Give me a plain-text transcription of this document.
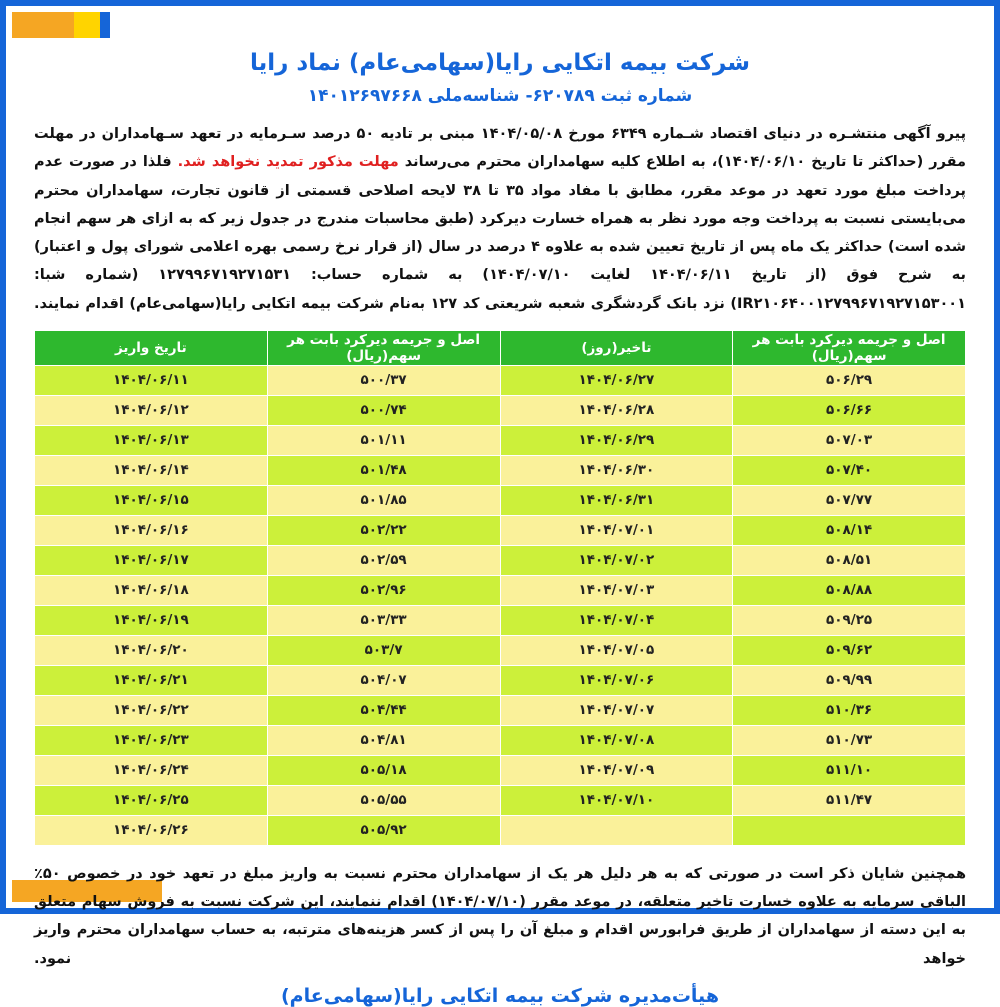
شرکت بیمه اتکایی رایا(سهامی‌عام) نماد رایا
شماره ثبت ۶۲۰۷۸۹- شناسه‌ملی ۱۴۰۱۲۶۹۷۶۶۸
پیرو آگهی منتشـره در دنیای اقتصاد شـماره ۶۳۴۹ مورخ ۱۴۰۴/۰۵/۰۸ مبنی بر تادیه ۵۰ درصد سـرمایه در تعهد سـهامداران در مهلت مقرر (حداکثر تا تاریخ ۱۴۰۴/۰۶/۱۰)، به اطلاع کلیه سهامداران محترم می‌رساند مهلت مذکور تمدید نخواهد شد. فلذا در صورت عدم پرداخت مبلغ مورد تعهد در موعد مقرر، مطابق با مفاد مواد ۳۵ تا ۳۸ لایحه اصلاحی قسمتی از قانون تجارت، سهامداران محترم می‌بایستی نسبت به پرداخت وجه مورد نظر به همراه خسارت دیرکرد (طبق محاسبات مندرج در جدول زیر که به ازای هر سهم انجام شده است) حداکثر یک ماه پس از تاریخ تعیین شده به علاوه ۴ درصد در سال (از قرار نرخ رسمی بهره اعلامی شورای پول و اعتبار) به شرح فوق (از تاریخ ۱۴۰۴/۰۶/۱۱ لغایت ۱۴۰۴/۰۷/۱۰) به شماره حساب: ۱۲۷۹۹۶۷۱۹۲۷۱۵۳۱ (شماره شبا: IR۲۱۰۶۴۰۰۱۲۷۹۹۶۷۱۹۲۷۱۵۳۰۰۱) نزد بانک گردشگری شعبه شریعتی کد ۱۲۷ به‌نام شرکت بیمه اتکایی رایا(سهامی‌عام) اقدام نمایند.
اصل و جریمه دیرکرد بابت هر سهم(ریال)	تاخیر(روز)	اصل و جریمه دیرکرد بابت هر سهم(ریال)	تاریخ واریز
۵۰۶/۲۹	۱۴۰۴/۰۶/۲۷	۵۰۰/۳۷	۱۴۰۴/۰۶/۱۱
۵۰۶/۶۶	۱۴۰۴/۰۶/۲۸	۵۰۰/۷۴	۱۴۰۴/۰۶/۱۲
۵۰۷/۰۳	۱۴۰۴/۰۶/۲۹	۵۰۱/۱۱	۱۴۰۴/۰۶/۱۳
۵۰۷/۴۰	۱۴۰۴/۰۶/۳۰	۵۰۱/۴۸	۱۴۰۴/۰۶/۱۴
۵۰۷/۷۷	۱۴۰۴/۰۶/۳۱	۵۰۱/۸۵	۱۴۰۴/۰۶/۱۵
۵۰۸/۱۴	۱۴۰۴/۰۷/۰۱	۵۰۲/۲۲	۱۴۰۴/۰۶/۱۶
۵۰۸/۵۱	۱۴۰۴/۰۷/۰۲	۵۰۲/۵۹	۱۴۰۴/۰۶/۱۷
۵۰۸/۸۸	۱۴۰۴/۰۷/۰۳	۵۰۲/۹۶	۱۴۰۴/۰۶/۱۸
۵۰۹/۲۵	۱۴۰۴/۰۷/۰۴	۵۰۳/۳۳	۱۴۰۴/۰۶/۱۹
۵۰۹/۶۲	۱۴۰۴/۰۷/۰۵	۵۰۳/۷	۱۴۰۴/۰۶/۲۰
۵۰۹/۹۹	۱۴۰۴/۰۷/۰۶	۵۰۴/۰۷	۱۴۰۴/۰۶/۲۱
۵۱۰/۳۶	۱۴۰۴/۰۷/۰۷	۵۰۴/۴۴	۱۴۰۴/۰۶/۲۲
۵۱۰/۷۳	۱۴۰۴/۰۷/۰۸	۵۰۴/۸۱	۱۴۰۴/۰۶/۲۳
۵۱۱/۱۰	۱۴۰۴/۰۷/۰۹	۵۰۵/۱۸	۱۴۰۴/۰۶/۲۴
۵۱۱/۴۷	۱۴۰۴/۰۷/۱۰	۵۰۵/۵۵	۱۴۰۴/۰۶/۲۵
		۵۰۵/۹۲	۱۴۰۴/۰۶/۲۶
همچنین شایان ذکر است در صورتی که به هر دلیل هر یک از سهامداران محترم نسبت به واریز مبلغ در تعهد خود در خصوص ۵۰٪ الباقی سرمایه به علاوه خسارت تاخیر متعلقه، در موعد مقرر (۱۴۰۴/۰۷/۱۰) اقدام ننمایند، این شرکت نسبت به فروش سهام متعلق به این دسته از سهامداران از طریق فرابورس اقدام و مبلغ آن را پس از کسر هزینه‌های مترتبه، به حساب سهامداران محترم واریز خواهد نمود.
هیأت‌مدیره شرکت بیمه اتکایی رایا(سهامی‌عام)
